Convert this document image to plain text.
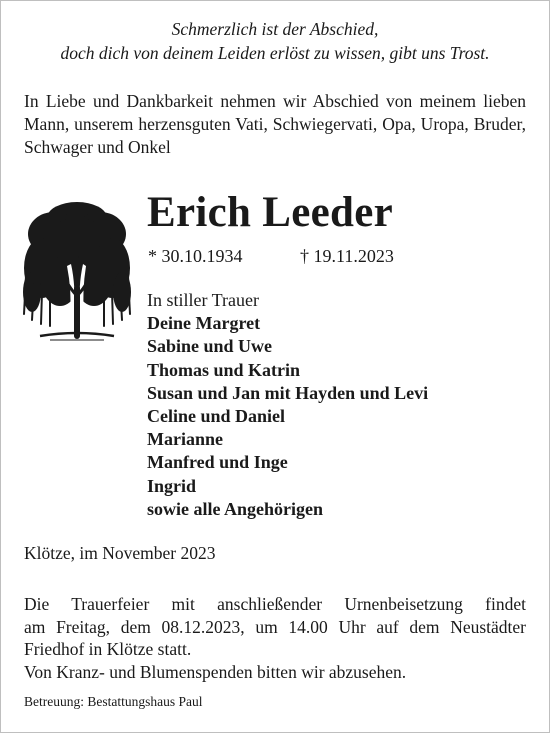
Schmerzlich ist der Abschied,
doch dich von deinem Leiden erlöst zu wissen, gibt uns Trost.
In Liebe und Dankbarkeit nehmen wir Abschied von meinem lieben Mann, unserem herzensguten Vati, Schwiegervati, Opa, Uropa, Bruder, Schwager und Onkel
Erich Leeder
* 30.10.1934	† 19.11.2023
In stiller Trauer
Deine Margret
Sabine und Uwe
Thomas und Katrin
Susan und Jan mit Hayden und Levi
Celine und Daniel
Marianne
Manfred und Inge
Ingrid
sowie alle Angehörigen
Klötze, im November 2023
Die Trauerfeier mit anschließender Urnenbeisetzung findet
am Freitag, dem 08.12.2023, um 14.00 Uhr auf dem Neustädter
Friedhof in Klötze statt.
Von Kranz- und Blumenspenden bitten wir abzusehen.
Betreuung: Bestattungshaus Paul
